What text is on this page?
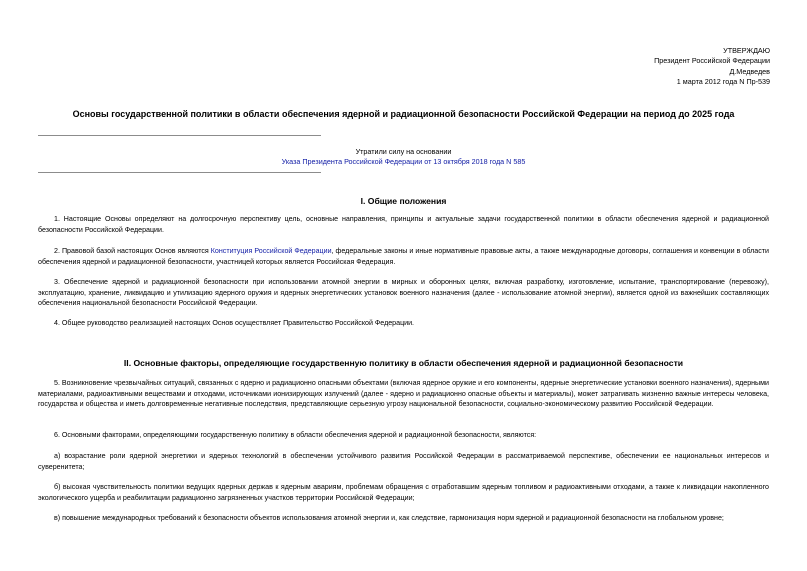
УТВЕРЖДАЮ
Президент Российской Федерации
Д.Медведев
1 марта 2012 года N Пр-539
Основы государственной политики в области обеспечения ядерной и радиационной безопасности Российской Федерации на период до 2025 года
Утратили силу на основании
Указа Президента Российской Федерации от 13 октября 2018 года N 585
I. Общие положения
1. Настоящие Основы определяют на долгосрочную перспективу цель, основные направления, принципы и актуальные задачи государственной политики в области обеспечения ядерной и радиационной безопасности Российской Федерации.
2. Правовой базой настоящих Основ являются Конституция Российской Федерации, федеральные законы и иные нормативные правовые акты, а также международные договоры, соглашения и конвенции в области обеспечения ядерной и радиационной безопасности, участницей которых является Российская Федерация.
3. Обеспечение ядерной и радиационной безопасности при использовании атомной энергии в мирных и оборонных целях, включая разработку, изготовление, испытание, транспортирование (перевозку), эксплуатацию, хранение, ликвидацию и утилизацию ядерного оружия и ядерных энергетических установок военного назначения (далее - использование атомной энергии), является одной из важнейших составляющих обеспечения национальной безопасности Российской Федерации.
4. Общее руководство реализацией настоящих Основ осуществляет Правительство Российской Федерации.
II. Основные факторы, определяющие государственную политику в области обеспечения ядерной и радиационной безопасности
5. Возникновение чрезвычайных ситуаций, связанных с ядерно и радиационно опасными объектами (включая ядерное оружие и его компоненты, ядерные энергетические установки военного назначения), ядерными материалами, радиоактивными веществами и отходами, источниками ионизирующих излучений (далее - ядерно и радиационно опасные объекты и материалы), может затрагивать жизненно важные интересы человека, государства и общества и иметь долговременные негативные последствия, представляющие серьезную угрозу национальной безопасности, социально-экономическому развитию Российской Федерации.
6. Основными факторами, определяющими государственную политику в области обеспечения ядерной и радиационной безопасности, являются:
а) возрастание роли ядерной энергетики и ядерных технологий в обеспечении устойчивого развития Российской Федерации в рассматриваемой перспективе, обеспечении ее национальных интересов и суверенитета;
б) высокая чувствительность политики ведущих ядерных держав к ядерным авариям, проблемам обращения с отработавшим ядерным топливом и радиоактивными отходами, а также к ликвидации накопленного экологического ущерба и реабилитации радиационно загрязненных участков территории Российской Федерации;
в) повышение международных требований к безопасности объектов использования атомной энергии и, как следствие, гармонизация норм ядерной и радиационной безопасности на глобальном уровне;
